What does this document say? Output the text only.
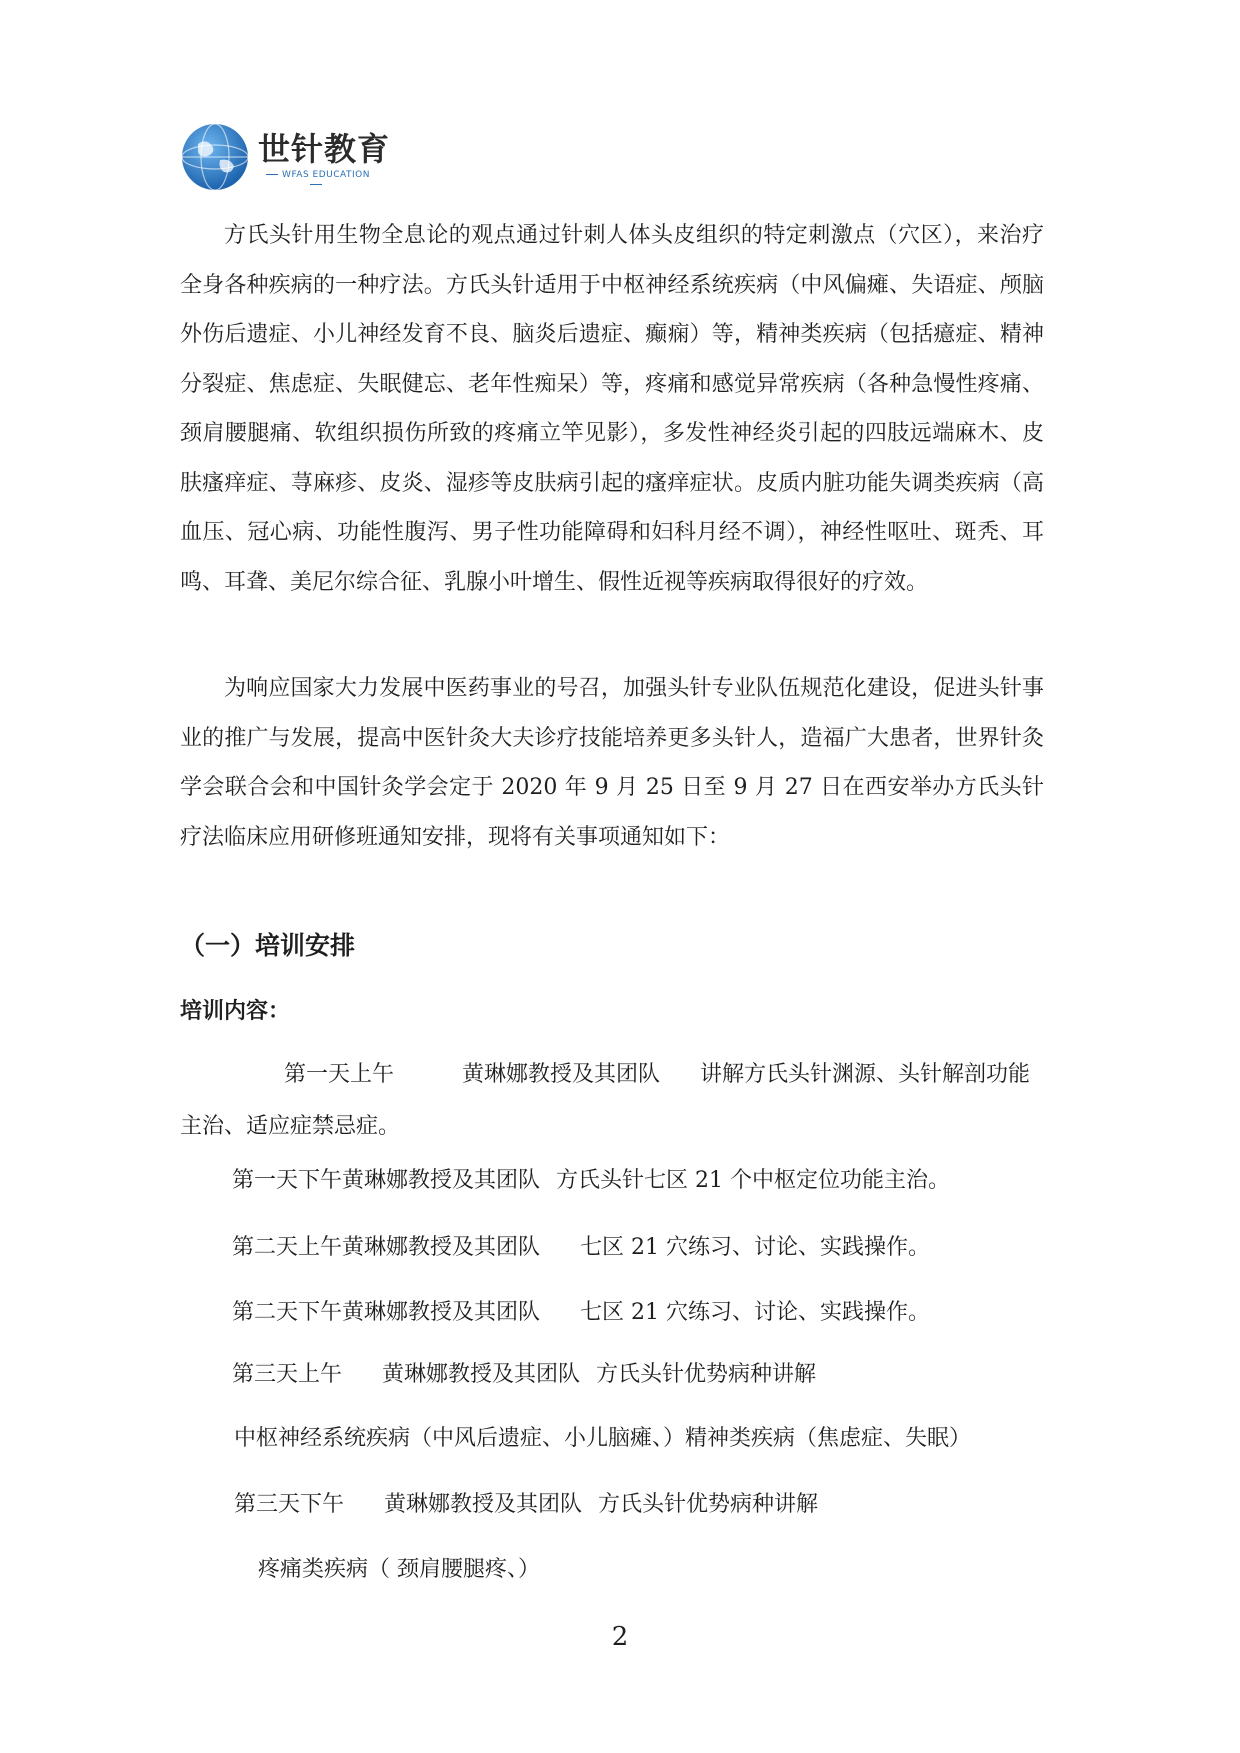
世针教育
WFAS EDUCATION

方氏头针用生物全息论的观点通过针刺人体头皮组织的特定刺激点（穴区），来治疗全身各种疾病的一种疗法。方氏头针适用于中枢神经系统疾病（中风偏瘫、失语症、颅脑外伤后遗症、小儿神经发育不良、脑炎后遗症、癫痫）等，精神类疾病（包括癔症、精神分裂症、焦虑症、失眠健忘、老年性痴呆）等，疼痛和感觉异常疾病（各种急慢性疼痛、颈肩腰腿痛、软组织损伤所致的疼痛立竿见影），多发性神经炎引起的四肢远端麻木、皮肤瘙痒症、荨麻疹、皮炎、湿疹等皮肤病引起的瘙痒症状。皮质内脏功能失调类疾病（高血压、冠心病、功能性腹泻、男子性功能障碍和妇科月经不调），神经性呕吐、斑秃、耳鸣、耳聋、美尼尔综合征、乳腺小叶增生、假性近视等疾病取得很好的疗效。

为响应国家大力发展中医药事业的号召，加强头针专业队伍规范化建设，促进头针事业的推广与发展，提高中医针灸大夫诊疗技能培养更多头针人，造福广大患者，世界针灸学会联合会和中国针灸学会定于 2020 年 9 月 25 日至 9 月 27 日在西安举办方氏头针疗法临床应用研修班通知安排，现将有关事项通知如下：

（一）培训安排

培训内容：

第一天上午	黄琳娜教授及其团队 讲解方氏头针渊源、头针解剖功能主治、适应症禁忌症。

第一天下午黄琳娜教授及其团队 方氏头针七区 21 个中枢定位功能主治。

第二天上午黄琳娜教授及其团队 七区 21 穴练习、讨论、实践操作。

第二天下午黄琳娜教授及其团队 七区 21 穴练习、讨论、实践操作。

第三天上午 黄琳娜教授及其团队 方氏头针优势病种讲解

中枢神经系统疾病（中风后遗症、小儿脑瘫、）精神类疾病（焦虑症、失眠）

第三天下午 黄琳娜教授及其团队 方氏头针优势病种讲解

疼痛类疾病（ 颈肩腰腿疼、）

2
